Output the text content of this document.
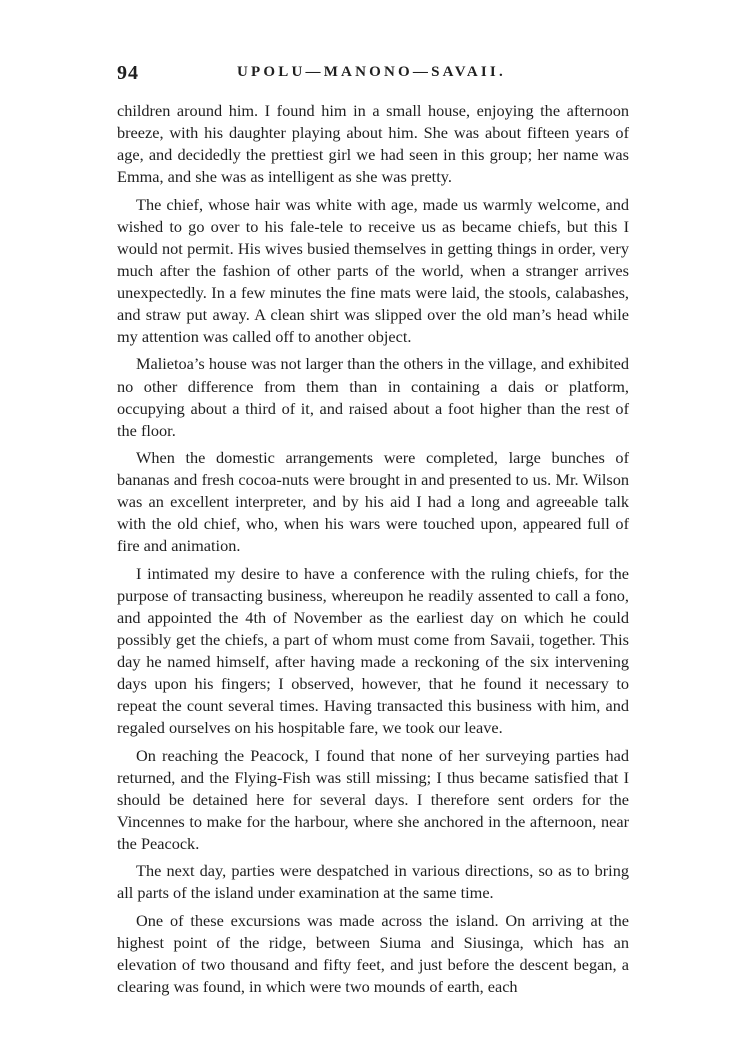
94	UPOLU—MANONO—SAVAII.

children around him. I found him in a small house, enjoying the afternoon breeze, with his daughter playing about him. She was about fifteen years of age, and decidedly the prettiest girl we had seen in this group; her name was Emma, and she was as intelligent as she was pretty.

The chief, whose hair was white with age, made us warmly welcome, and wished to go over to his fale-tele to receive us as became chiefs, but this I would not permit. His wives busied themselves in getting things in order, very much after the fashion of other parts of the world, when a stranger arrives unexpectedly. In a few minutes the fine mats were laid, the stools, calabashes, and straw put away. A clean shirt was slipped over the old man’s head while my attention was called off to another object.

Malietoa’s house was not larger than the others in the village, and exhibited no other difference from them than in containing a dais or platform, occupying about a third of it, and raised about a foot higher than the rest of the floor.

When the domestic arrangements were completed, large bunches of bananas and fresh cocoa-nuts were brought in and presented to us. Mr. Wilson was an excellent interpreter, and by his aid I had a long and agreeable talk with the old chief, who, when his wars were touched upon, appeared full of fire and animation.

I intimated my desire to have a conference with the ruling chiefs, for the purpose of transacting business, whereupon he readily assented to call a fono, and appointed the 4th of November as the earliest day on which he could possibly get the chiefs, a part of whom must come from Savaii, together. This day he named himself, after having made a reckoning of the six intervening days upon his fingers; I observed, however, that he found it necessary to repeat the count several times. Having transacted this business with him, and regaled ourselves on his hospitable fare, we took our leave.

On reaching the Peacock, I found that none of her surveying parties had returned, and the Flying-Fish was still missing; I thus became satisfied that I should be detained here for several days. I therefore sent orders for the Vincennes to make for the harbour, where she anchored in the afternoon, near the Peacock.

The next day, parties were despatched in various directions, so as to bring all parts of the island under examination at the same time.

One of these excursions was made across the island. On arriving at the highest point of the ridge, between Siuma and Siusinga, which has an elevation of two thousand and fifty feet, and just before the descent began, a clearing was found, in which were two mounds of earth, each
